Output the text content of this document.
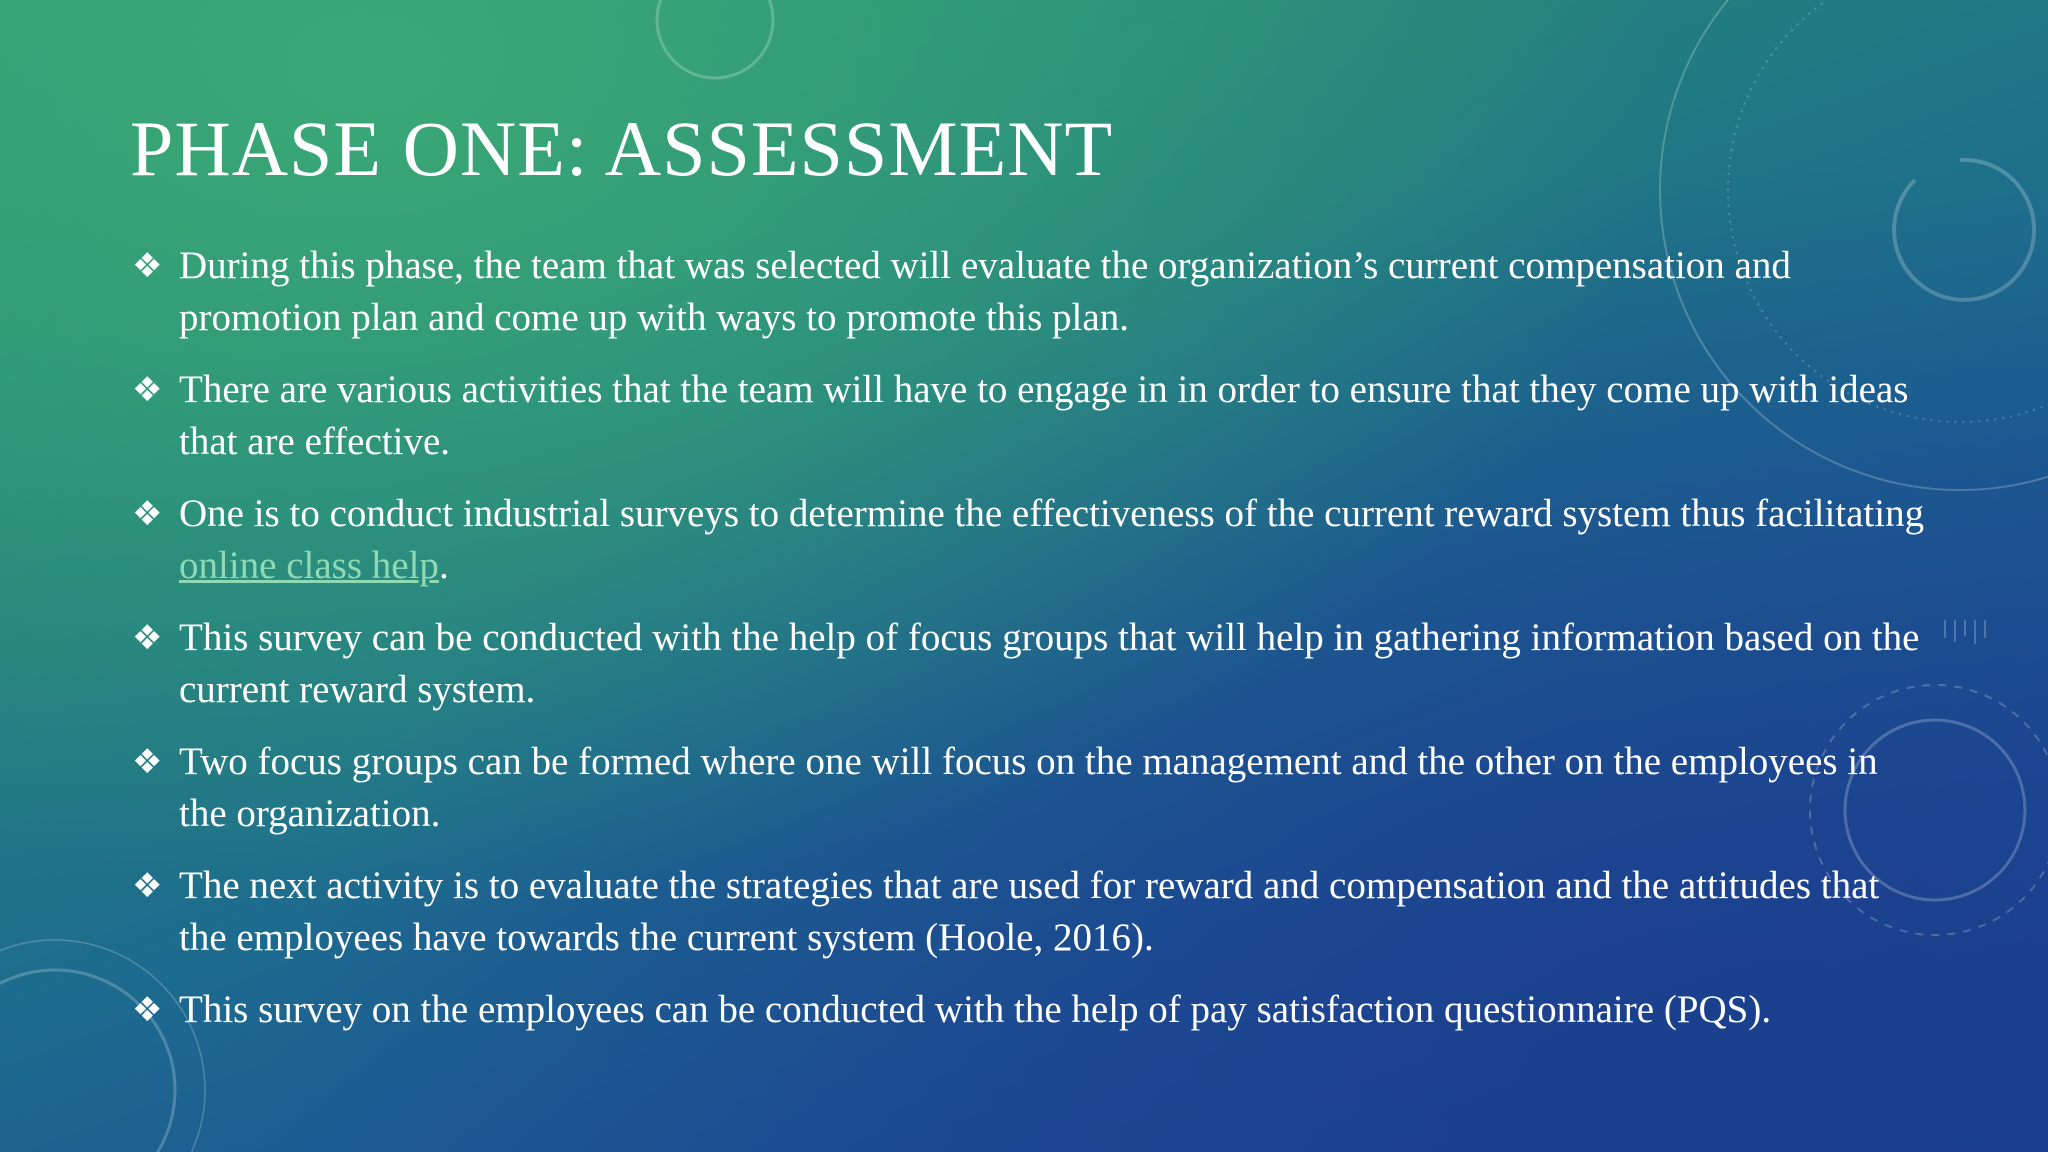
PHASE ONE: ASSESSMENT
❖ During this phase, the team that was selected will evaluate the organization’s current compensation and promotion plan and come up with ways to promote this plan.
❖ There are various activities that the team will have to engage in in order to ensure that they come up with ideas that are effective.
❖ One is to conduct industrial surveys to determine the effectiveness of the current reward system thus facilitating online class help.
❖ This survey can be conducted with the help of focus groups that will help in gathering information based on the current reward system.
❖ Two focus groups can be formed where one will focus on the management and the other on the employees in the organization.
❖ The next activity is to evaluate the strategies that are used for reward and compensation and the attitudes that the employees have towards the current system (Hoole, 2016).
❖ This survey on the employees can be conducted with the help of pay satisfaction questionnaire (PQS).
